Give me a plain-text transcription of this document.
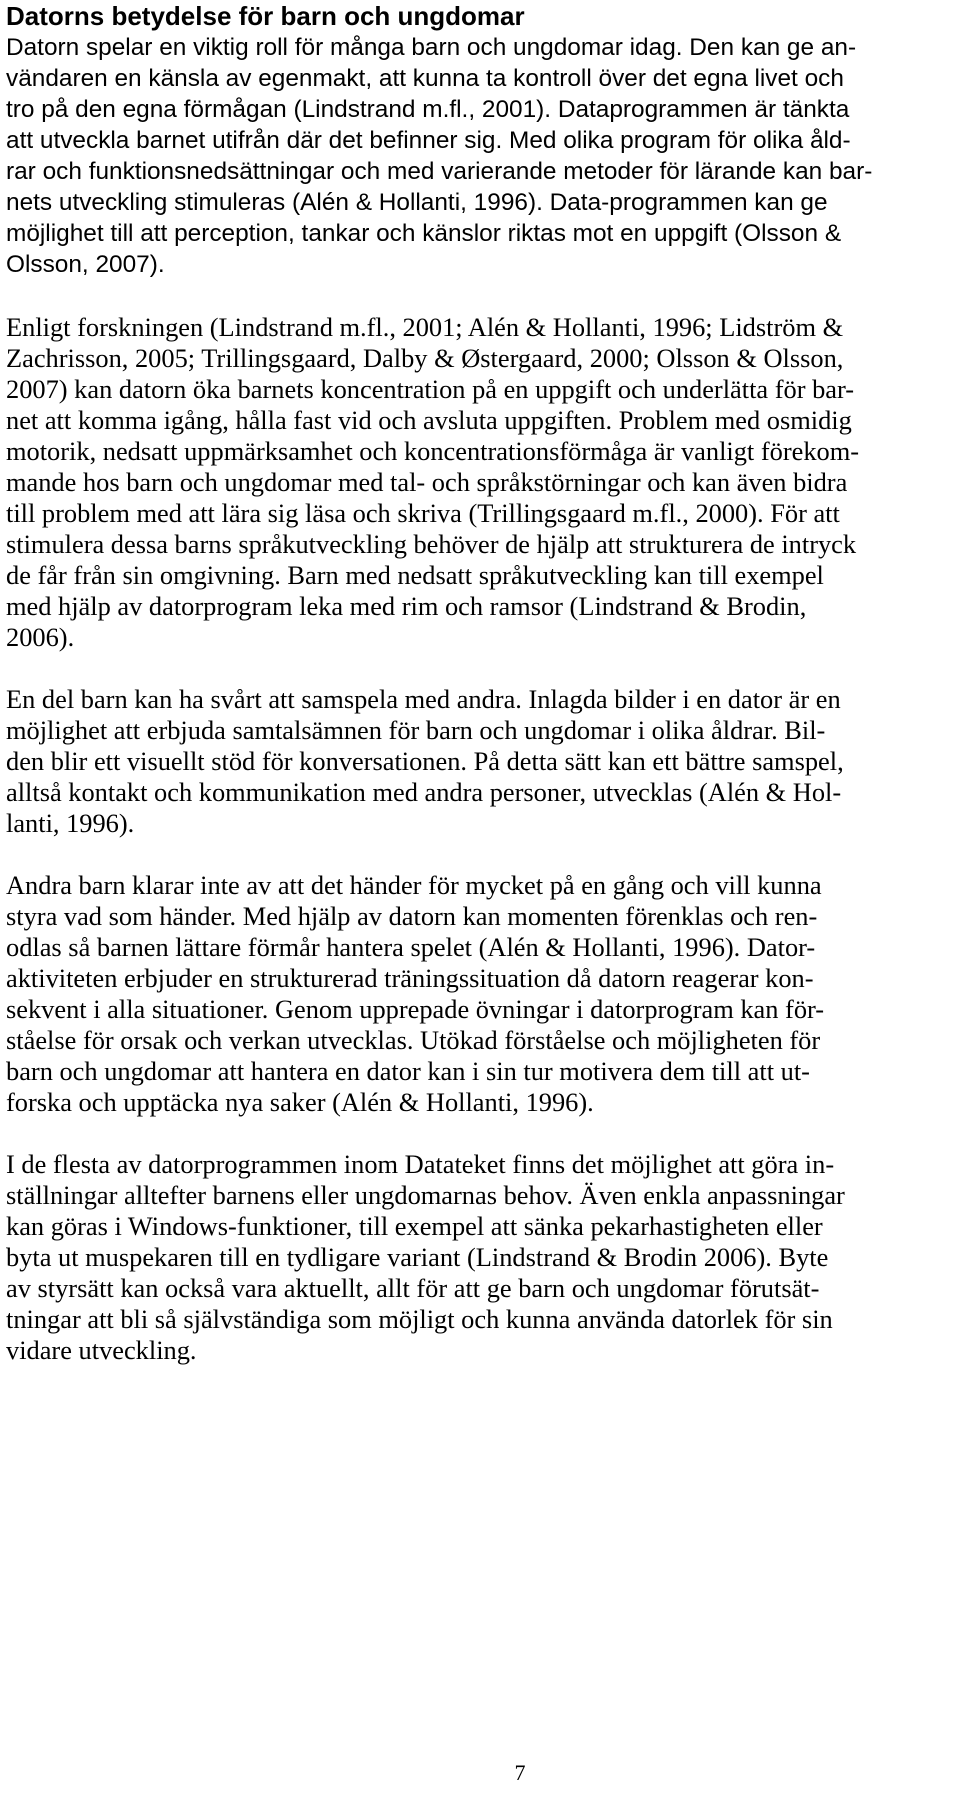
Datorns betydelse för barn och ungdomar

Datorn spelar en viktig roll för många barn och ungdomar idag. Den kan ge an-
vändaren en känsla av egenmakt, att kunna ta kontroll över det egna livet och
tro på den egna förmågan (Lindstrand m.fl., 2001). Dataprogrammen är tänkta
att utveckla barnet utifrån där det befinner sig. Med olika program för olika åld-
rar och funktionsnedsättningar och med varierande metoder för lärande kan bar-
nets utveckling stimuleras (Alén & Hollanti, 1996). Data-programmen kan ge
möjlighet till att perception, tankar och känslor riktas mot en uppgift (Olsson &
Olsson, 2007).

Enligt forskningen (Lindstrand m.fl., 2001; Alén & Hollanti, 1996; Lidström &
Zachrisson, 2005; Trillingsgaard, Dalby & Østergaard, 2000; Olsson & Olsson,
2007) kan datorn öka barnets koncentration på en uppgift och underlätta för bar-
net att komma igång, hålla fast vid och avsluta uppgiften. Problem med osmidig
motorik, nedsatt uppmärksamhet och koncentrationsförmåga är vanligt förekom-
mande hos barn och ungdomar med tal- och språkstörningar och kan även bidra
till problem med att lära sig läsa och skriva (Trillingsgaard m.fl., 2000). För att
stimulera dessa barns språkutveckling behöver de hjälp att strukturera de intryck
de får från sin omgivning. Barn med nedsatt språkutveckling kan till exempel
med hjälp av datorprogram leka med rim och ramsor (Lindstrand & Brodin,
2006).

En del barn kan ha svårt att samspela med andra. Inlagda bilder i en dator är en
möjlighet att erbjuda samtalsämnen för barn och ungdomar i olika åldrar. Bil-
den blir ett visuellt stöd för konversationen. På detta sätt kan ett bättre samspel,
alltså kontakt och kommunikation med andra personer, utvecklas (Alén & Hol-
lanti, 1996).

Andra barn klarar inte av att det händer för mycket på en gång och vill kunna
styra vad som händer. Med hjälp av datorn kan momenten förenklas och ren-
odlas så barnen lättare förmår hantera spelet (Alén & Hollanti, 1996). Dator-
aktiviteten erbjuder en strukturerad träningssituation då datorn reagerar kon-
sekvent i alla situationer. Genom upprepade övningar i datorprogram kan för-
ståelse för orsak och verkan utvecklas. Utökad förståelse och möjligheten för
barn och ungdomar att hantera en dator kan i sin tur motivera dem till att ut-
forska och upptäcka nya saker (Alén & Hollanti, 1996).

I de flesta av datorprogrammen inom Datateket finns det möjlighet att göra in-
ställningar alltefter barnens eller ungdomarnas behov. Även enkla anpassningar
kan göras i Windows-funktioner, till exempel att sänka pekarhastigheten eller
byta ut muspekaren till en tydligare variant (Lindstrand & Brodin 2006). Byte
av styrsätt kan också vara aktuellt, allt för att ge barn och ungdomar förutsät-
tningar att bli så självständiga som möjligt och kunna använda datorlek för sin
vidare utveckling.

7
